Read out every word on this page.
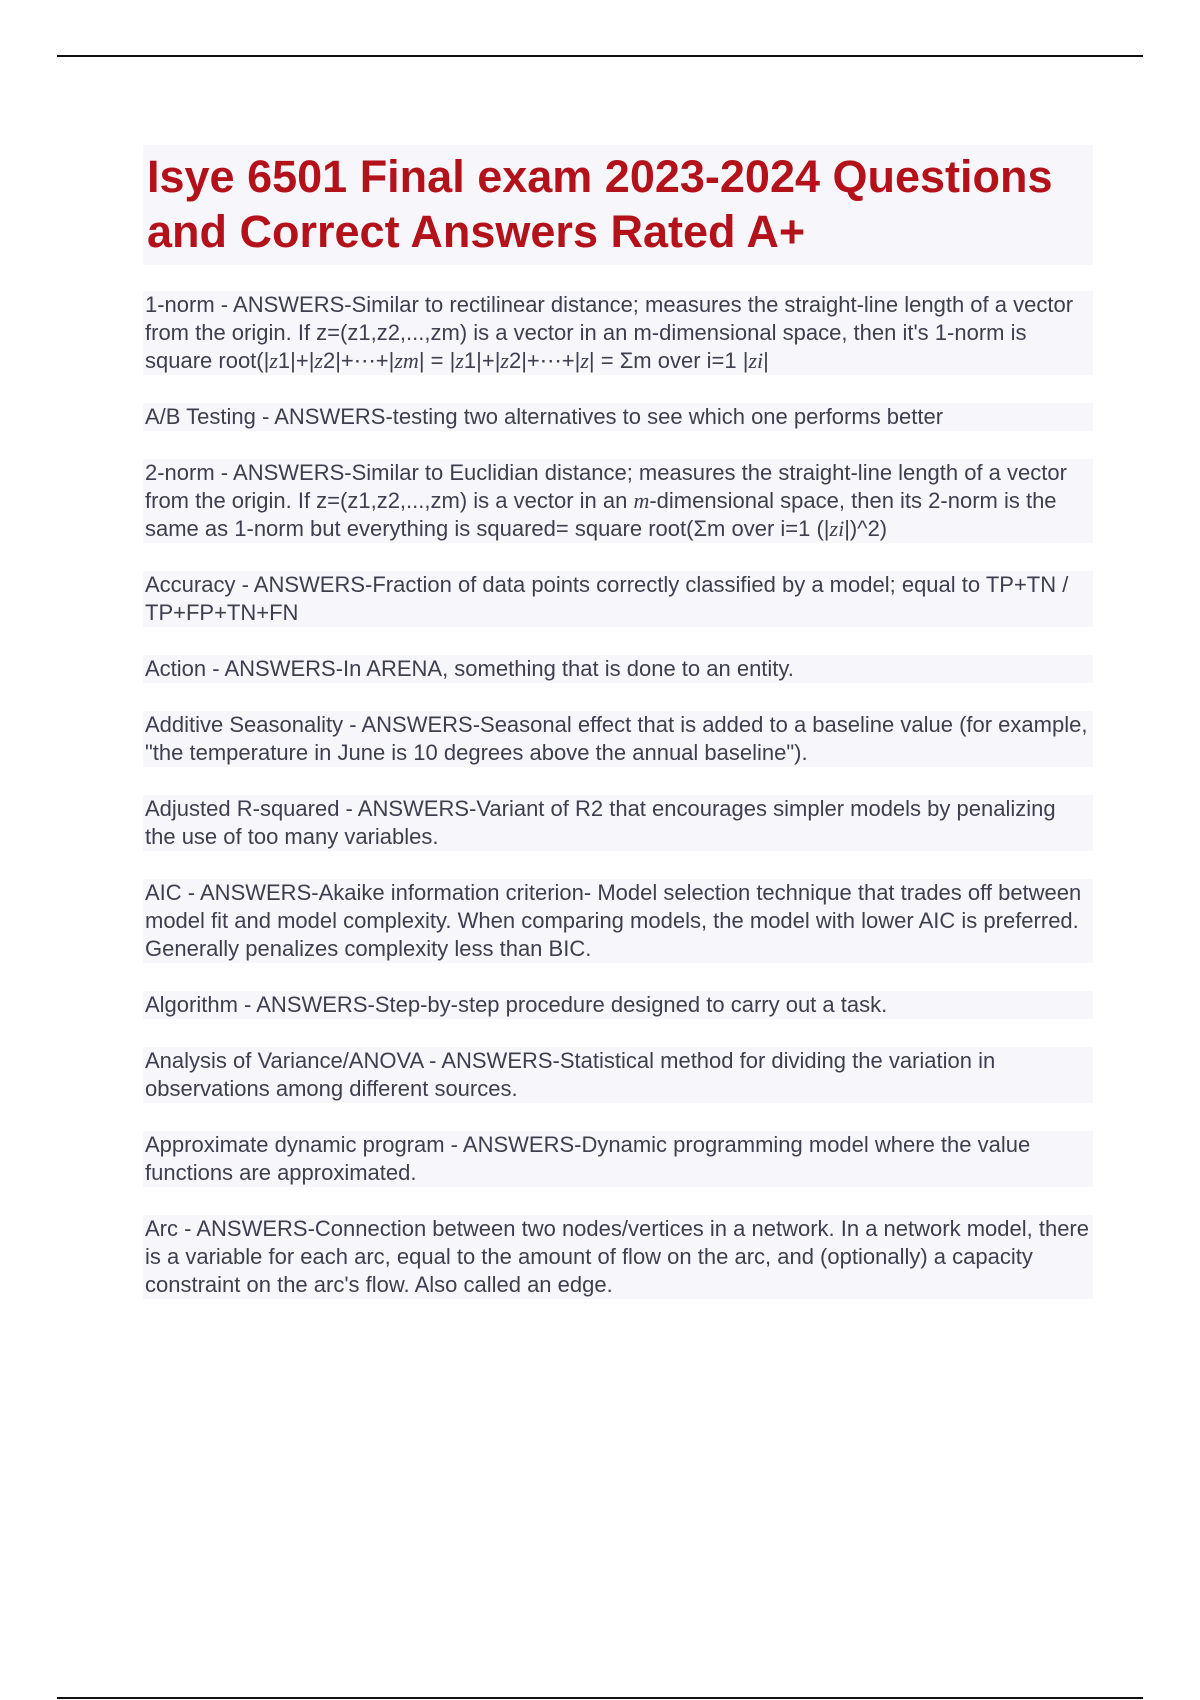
Isye 6501 Final exam 2023-2024 Questions and Correct Answers Rated A+

1-norm - ANSWERS-Similar to rectilinear distance; measures the straight-line length of a vector from the origin. If z=(z1,z2,...,zm) is a vector in an m-dimensional space, then it's 1-norm is square root(|z1|+|z2|+⋯+|zm| = |z1|+|z2|+⋯+|z| = Σm over i=1 |zi|

A/B Testing - ANSWERS-testing two alternatives to see which one performs better

2-norm - ANSWERS-Similar to Euclidian distance; measures the straight-line length of a vector from the origin. If z=(z1,z2,...,zm) is a vector in an m-dimensional space, then its 2-norm is the same as 1-norm but everything is squared= square root(Σm over i=1 (|zi|)^2)

Accuracy - ANSWERS-Fraction of data points correctly classified by a model; equal to TP+TN / TP+FP+TN+FN

Action - ANSWERS-In ARENA, something that is done to an entity.

Additive Seasonality - ANSWERS-Seasonal effect that is added to a baseline value (for example, "the temperature in June is 10 degrees above the annual baseline").

Adjusted R-squared - ANSWERS-Variant of R2 that encourages simpler models by penalizing the use of too many variables.

AIC - ANSWERS-Akaike information criterion- Model selection technique that trades off between model fit and model complexity. When comparing models, the model with lower AIC is preferred. Generally penalizes complexity less than BIC.

Algorithm - ANSWERS-Step-by-step procedure designed to carry out a task.

Analysis of Variance/ANOVA - ANSWERS-Statistical method for dividing the variation in observations among different sources.

Approximate dynamic program - ANSWERS-Dynamic programming model where the value functions are approximated.

Arc - ANSWERS-Connection between two nodes/vertices in a network. In a network model, there is a variable for each arc, equal to the amount of flow on the arc, and (optionally) a capacity constraint on the arc's flow. Also called an edge.
